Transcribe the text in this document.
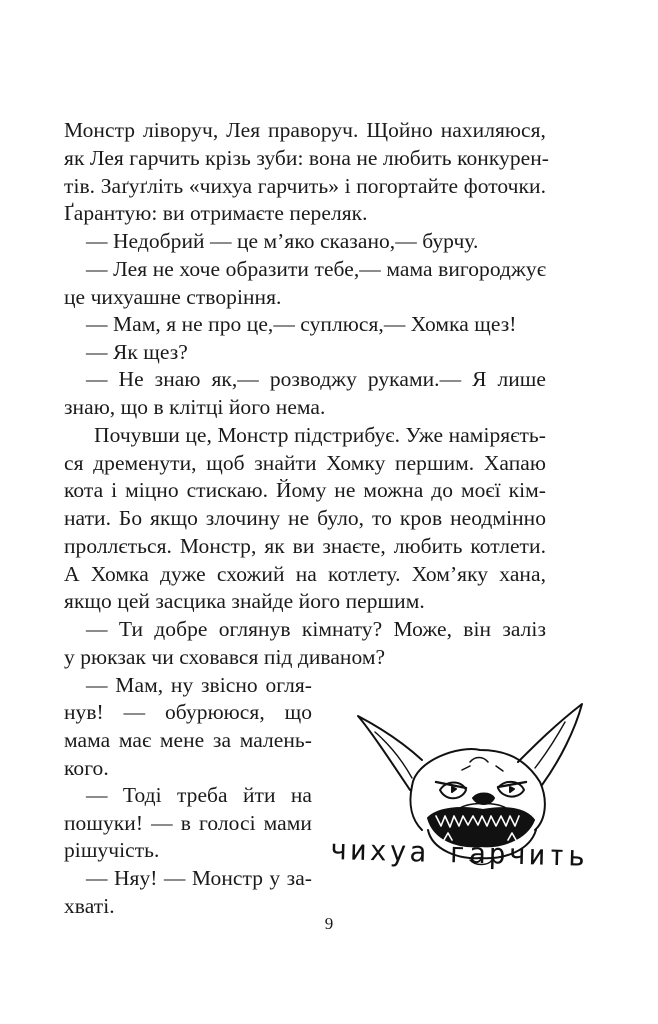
Монстр ліворуч, Лея праворуч. Щойно нахиляюся,
як Лея гарчить крізь зуби: вона не любить конкурен-
тів. Заґуґліть «чихуа гарчить» і погортайте фоточки.
Ґарантую: ви отримаєте переляк.
— Недобрий — це м’яко сказано,— бурчу.
— Лея не хоче образити тебе,— мама вигороджує
це чихуашне створіння.
— Мам, я не про це,— суплюся,— Хомка щез!
— Як щез?
— Не знаю як,— розводжу руками.— Я лише
знаю, що в клітці його нема.
Почувши це, Монстр підстрибує. Уже наміряєть-
ся дременути, щоб знайти Хомку першим. Хапаю
кота і міцно стискаю. Йому не можна до моєї кім-
нати. Бо якщо злочину не було, то кров неодмінно
проллється. Монстр, як ви знаєте, любить котлети.
А Хомка дуже схожий на котлету. Хом’яку хана,
якщо цей засцика знайде його першим.
— Ти добре оглянув кімнату? Може, він заліз
у рюкзак чи сховався під диваном?
— Мам, ну звісно огля-
нув! — обурююся, що
мама має мене за малень-
кого.
— Тоді треба йти на
пошуки! — в голосі мами
рішучість.
— Няу! — Монстр у за-
хваті.
чихуа гарчить
9
